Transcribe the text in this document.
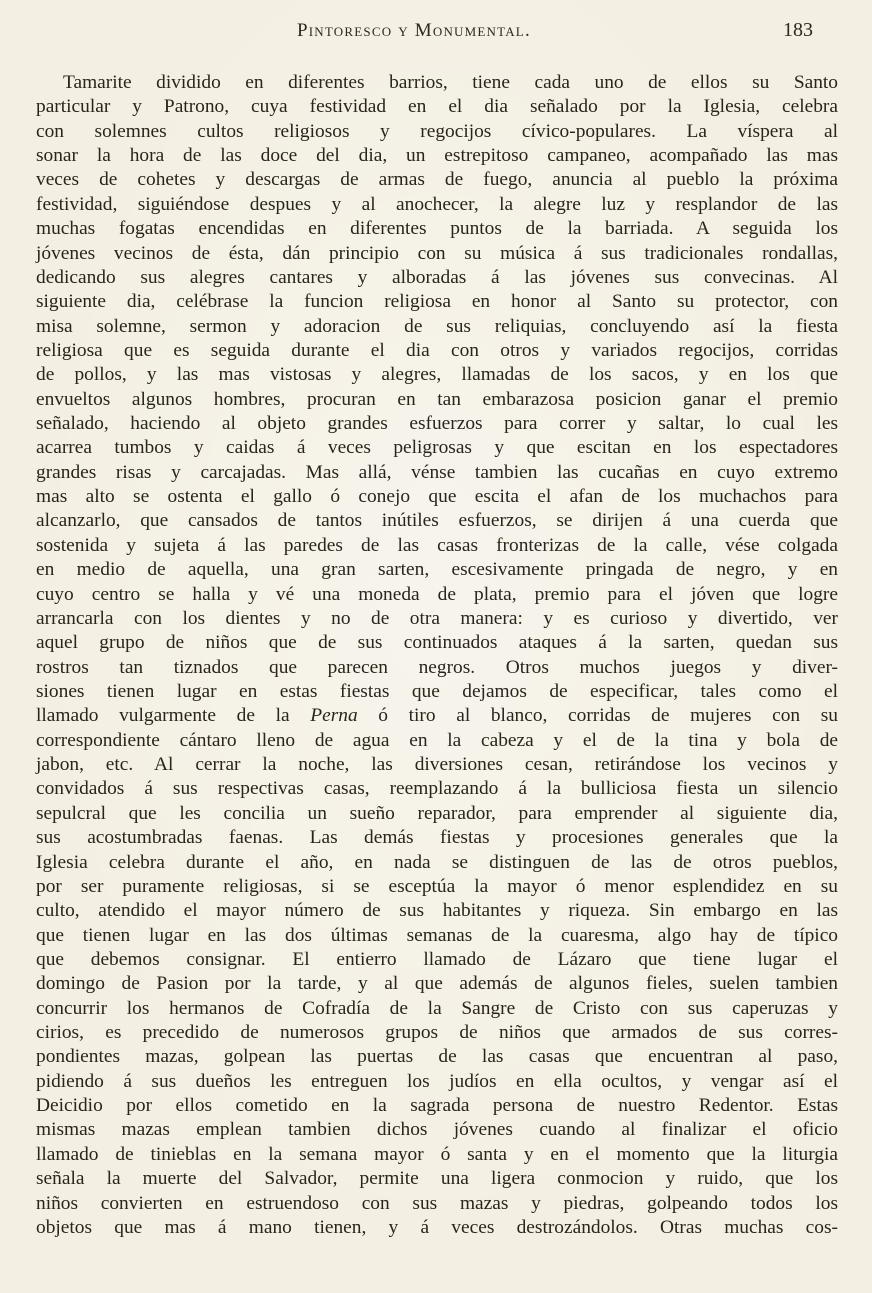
Pintoresco y Monumental.	183
Tamarite dividido en diferentes barrios, tiene cada uno de ellos su Santo
particular y Patrono, cuya festividad en el dia señalado por la Iglesia, celebra
con solemnes cultos religiosos y regocijos cívico-populares. La víspera al
sonar la hora de las doce del dia, un estrepitoso campaneo, acompañado las mas
veces de cohetes y descargas de armas de fuego, anuncia al pueblo la próxima
festividad, siguiéndose despues y al anochecer, la alegre luz y resplandor de las
muchas fogatas encendidas en diferentes puntos de la barriada. A seguida los
jóvenes vecinos de ésta, dán principio con su música á sus tradicionales rondallas,
dedicando sus alegres cantares y alboradas á las jóvenes sus convecinas. Al
siguiente dia, celébrase la funcion religiosa en honor al Santo su protector, con
misa solemne, sermon y adoracion de sus reliquias, concluyendo así la fiesta
religiosa que es seguida durante el dia con otros y variados regocijos, corridas
de pollos, y las mas vistosas y alegres, llamadas de los sacos, y en los que
envueltos algunos hombres, procuran en tan embarazosa posicion ganar el premio
señalado, haciendo al objeto grandes esfuerzos para correr y saltar, lo cual les
acarrea tumbos y caidas á veces peligrosas y que escitan en los espectadores
grandes risas y carcajadas. Mas allá, vénse tambien las cucañas en cuyo extremo
mas alto se ostenta el gallo ó conejo que escita el afan de los muchachos para
alcanzarlo, que cansados de tantos inútiles esfuerzos, se dirijen á una cuerda que
sostenida y sujeta á las paredes de las casas fronterizas de la calle, vése colgada
en medio de aquella, una gran sarten, escesivamente pringada de negro, y en
cuyo centro se halla y vé una moneda de plata, premio para el jóven que logre
arrancarla con los dientes y no de otra manera: y es curioso y divertido, ver
aquel grupo de niños que de sus continuados ataques á la sarten, quedan sus
rostros tan tiznados que parecen negros. Otros muchos juegos y diver-
siones tienen lugar en estas fiestas que dejamos de especificar, tales como el
llamado vulgarmente de la Perna ó tiro al blanco, corridas de mujeres con su
correspondiente cántaro lleno de agua en la cabeza y el de la tina y bola de
jabon, etc. Al cerrar la noche, las diversiones cesan, retirándose los vecinos y
convidados á sus respectivas casas, reemplazando á la bulliciosa fiesta un silencio
sepulcral que les concilia un sueño reparador, para emprender al siguiente dia,
sus acostumbradas faenas. Las demás fiestas y procesiones generales que la
Iglesia celebra durante el año, en nada se distinguen de las de otros pueblos,
por ser puramente religiosas, si se esceptúa la mayor ó menor esplendidez en su
culto, atendido el mayor número de sus habitantes y riqueza. Sin embargo en las
que tienen lugar en las dos últimas semanas de la cuaresma, algo hay de típico
que debemos consignar. El entierro llamado de Lázaro que tiene lugar el
domingo de Pasion por la tarde, y al que además de algunos fieles, suelen tambien
concurrir los hermanos de Cofradía de la Sangre de Cristo con sus caperuzas y
cirios, es precedido de numerosos grupos de niños que armados de sus corres-
pondientes mazas, golpean las puertas de las casas que encuentran al paso,
pidiendo á sus dueños les entreguen los judíos en ella ocultos, y vengar así el
Deicidio por ellos cometido en la sagrada persona de nuestro Redentor. Estas
mismas mazas emplean tambien dichos jóvenes cuando al finalizar el oficio
llamado de tinieblas en la semana mayor ó santa y en el momento que la liturgia
señala la muerte del Salvador, permite una ligera conmocion y ruido, que los
niños convierten en estruendoso con sus mazas y piedras, golpeando todos los
objetos que mas á mano tienen, y á veces destrozándolos. Otras muchas cos-
